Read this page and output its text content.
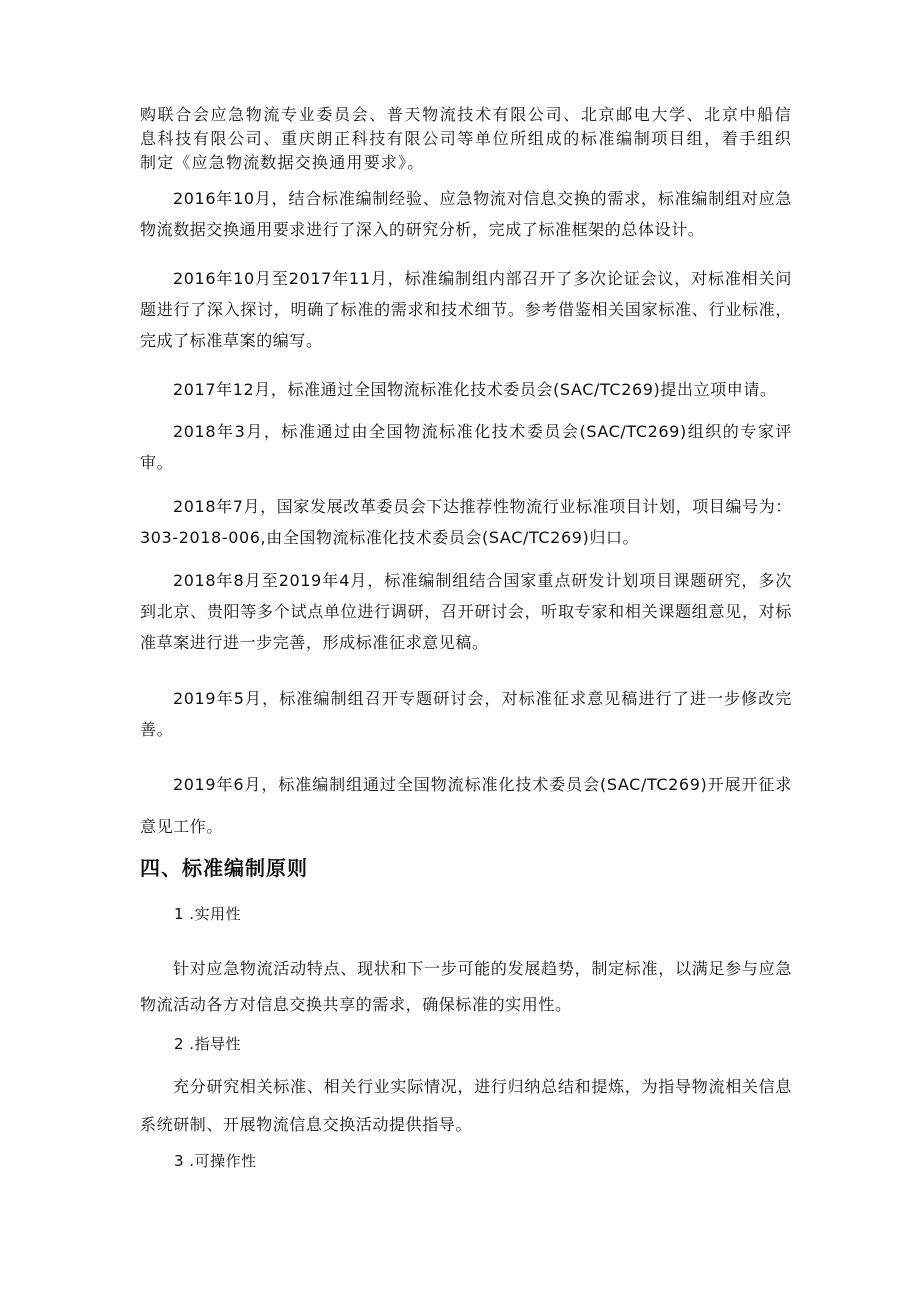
购联合会应急物流专业委员会、普天物流技术有限公司、北京邮电大学、北京中船信息科技有限公司、重庆朗正科技有限公司等单位所组成的标准编制项目组，着手组织制定《应急物流数据交换通用要求》。

2016年10月，结合标准编制经验、应急物流对信息交换的需求，标准编制组对应急物流数据交换通用要求进行了深入的研究分析，完成了标准框架的总体设计。

2016年10月至2017年11月，标准编制组内部召开了多次论证会议，对标准相关问题进行了深入探讨，明确了标准的需求和技术细节。参考借鉴相关国家标准、行业标准，完成了标准草案的编写。

2017年12月，标准通过全国物流标准化技术委员会(SAC/TC269)提出立项申请。

2018年3月，标准通过由全国物流标准化技术委员会(SAC/TC269)组织的专家评审。

2018年7月，国家发展改革委员会下达推荐性物流行业标准项目计划，项目编号为：303-2018-006,由全国物流标准化技术委员会(SAC/TC269)归口。

2018年8月至2019年4月，标准编制组结合国家重点研发计划项目课题研究，多次到北京、贵阳等多个试点单位进行调研，召开研讨会，听取专家和相关课题组意见，对标准草案进行进一步完善，形成标准征求意见稿。

2019年5月，标准编制组召开专题研讨会，对标准征求意见稿进行了进一步修改完善。

2019年6月，标准编制组通过全国物流标准化技术委员会(SAC/TC269)开展开征求意见工作。

四、标准编制原则

1 .实用性

针对应急物流活动特点、现状和下一步可能的发展趋势，制定标准，以满足参与应急物流活动各方对信息交换共享的需求，确保标准的实用性。

2 .指导性

充分研究相关标准、相关行业实际情况，进行归纳总结和提炼，为指导物流相关信息系统研制、开展物流信息交换活动提供指导。

3 .可操作性
